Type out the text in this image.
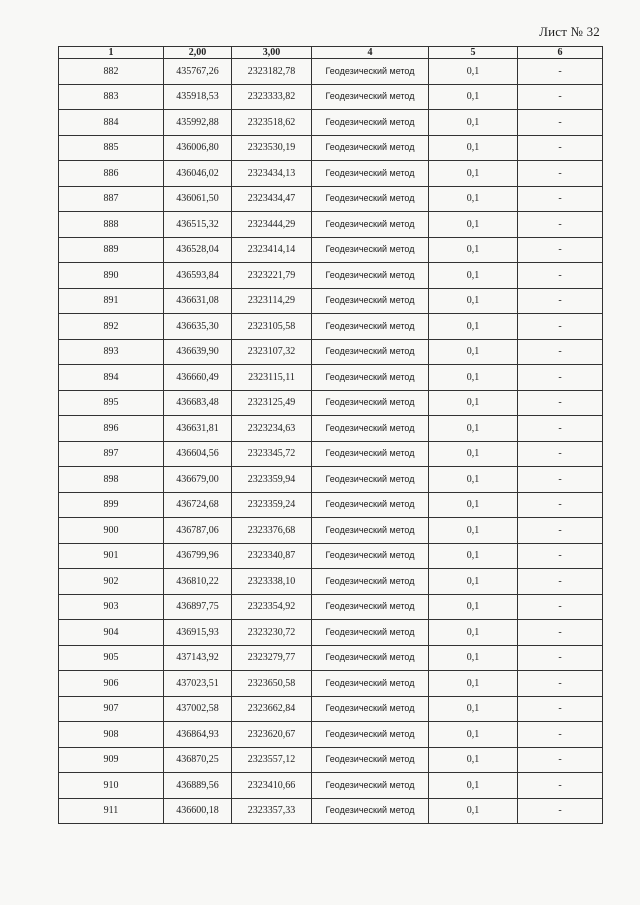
Лист № 32
1	2,00	3,00	4	5	6
882	435767,26	2323182,78	Геодезический метод	0,1	-
883	435918,53	2323333,82	Геодезический метод	0,1	-
884	435992,88	2323518,62	Геодезический метод	0,1	-
885	436006,80	2323530,19	Геодезический метод	0,1	-
886	436046,02	2323434,13	Геодезический метод	0,1	-
887	436061,50	2323434,47	Геодезический метод	0,1	-
888	436515,32	2323444,29	Геодезический метод	0,1	-
889	436528,04	2323414,14	Геодезический метод	0,1	-
890	436593,84	2323221,79	Геодезический метод	0,1	-
891	436631,08	2323114,29	Геодезический метод	0,1	-
892	436635,30	2323105,58	Геодезический метод	0,1	-
893	436639,90	2323107,32	Геодезический метод	0,1	-
894	436660,49	2323115,11	Геодезический метод	0,1	-
895	436683,48	2323125,49	Геодезический метод	0,1	-
896	436631,81	2323234,63	Геодезический метод	0,1	-
897	436604,56	2323345,72	Геодезический метод	0,1	-
898	436679,00	2323359,94	Геодезический метод	0,1	-
899	436724,68	2323359,24	Геодезический метод	0,1	-
900	436787,06	2323376,68	Геодезический метод	0,1	-
901	436799,96	2323340,87	Геодезический метод	0,1	-
902	436810,22	2323338,10	Геодезический метод	0,1	-
903	436897,75	2323354,92	Геодезический метод	0,1	-
904	436915,93	2323230,72	Геодезический метод	0,1	-
905	437143,92	2323279,77	Геодезический метод	0,1	-
906	437023,51	2323650,58	Геодезический метод	0,1	-
907	437002,58	2323662,84	Геодезический метод	0,1	-
908	436864,93	2323620,67	Геодезический метод	0,1	-
909	436870,25	2323557,12	Геодезический метод	0,1	-
910	436889,56	2323410,66	Геодезический метод	0,1	-
911	436600,18	2323357,33	Геодезический метод	0,1	-
